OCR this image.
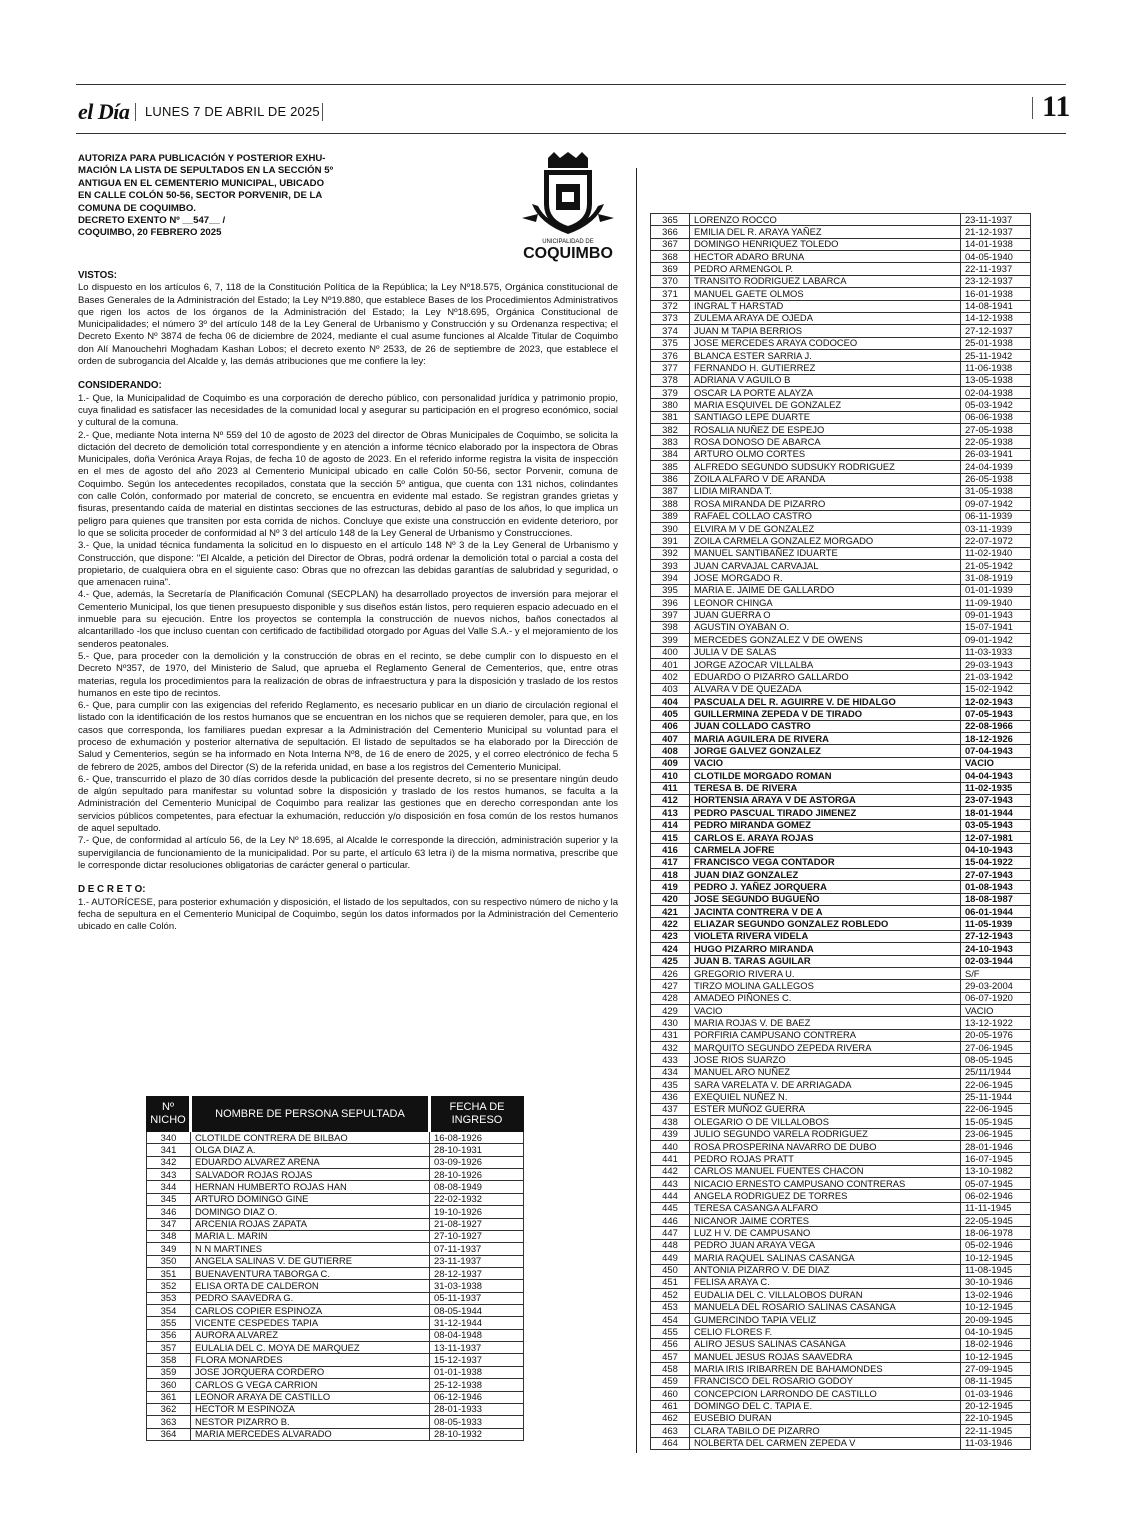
el Día LUNES 7 DE ABRIL DE 2025	11
AUTORIZA PARA PUBLICACIÓN Y POSTERIOR EXHU-
MACIÓN LA LISTA DE SEPULTADOS EN LA SECCIÓN 5º
ANTIGUA EN EL CEMENTERIO MUNICIPAL, UBICADO
EN CALLE COLÓN 50-56, SECTOR PORVENIR, DE LA
COMUNA DE COQUIMBO.
DECRETO EXENTO Nº __547__ /
COQUIMBO, 20 FEBRERO 2025
UNICIPALIDAD DE
COQUIMBO
VISTOS:

Lo dispuesto en los artículos 6, 7, 118 de la Constitución Política de la República; la Ley Nº18.575, Orgánica constitucional de Bases Generales de la Administración del Estado; la Ley Nº19.880, que establece Bases de los Procedimientos Administrativos que rigen los actos de los órganos de la Administración del Estado; la Ley Nº18.695, Orgánica Constitucional de Municipalidades; el número 3º del artículo 148 de la Ley General de Urbanismo y Construcción y su Ordenanza respectiva; el Decreto Exento Nº 3874 de fecha 06 de diciembre de 2024, mediante el cual asume funciones al Alcalde Titular de Coquimbo don Alí Manouchehri Moghadam Kashan Lobos; el decreto exento Nº 2533, de 26 de septiembre de 2023, que establece el orden de subrogancia del Alcalde y, las demás atribuciones que me confiere la ley:

CONSIDERANDO:

1.- Que, la Municipalidad de Coquimbo es una corporación de derecho público, con personalidad jurídica y patrimonio propio, cuya finalidad es satisfacer las necesidades de la comunidad local y asegurar su participación en el progreso económico, social y cultural de la comuna.

2.- Que, mediante Nota interna Nº 559 del 10 de agosto de 2023 del director de Obras Municipales de Coquimbo, se solicita la dictación del decreto de demolición total correspondiente y en atención a informe técnico elaborado por la inspectora de Obras Municipales, doña Verónica Araya Rojas, de fecha 10 de agosto de 2023. En el referido informe registra la visita de inspección en el mes de agosto del año 2023 al Cementerio Municipal ubicado en calle Colón 50-56, sector Porvenir, comuna de Coquimbo. Según los antecedentes recopilados, constata que la sección 5º antigua, que cuenta con 131 nichos, colindantes con calle Colón, conformado por material de concreto, se encuentra en evidente mal estado. Se registran grandes grietas y fisuras, presentando caída de material en distintas secciones de las estructuras, debido al paso de los años, lo que implica un peligro para quienes que transiten por esta corrida de nichos. Concluye que existe una construcción en evidente deterioro, por lo que se solicita proceder de conformidad al Nº 3 del artículo 148 de la Ley General de Urbanismo y Construcciones.

3.- Que, la unidad técnica fundamenta la solicitud en lo dispuesto en el artículo 148 Nº 3 de la Ley General de Urbanismo y Construcción, que dispone: "El Alcalde, a petición del Director de Obras, podrá ordenar la demolición total o parcial a costa del propietario, de cualquiera obra en el siguiente caso: Obras que no ofrezcan las debidas garantías de salubridad y seguridad, o que amenacen ruina".

4.- Que, además, la Secretaría de Planificación Comunal (SECPLAN) ha desarrollado proyectos de inversión para mejorar el Cementerio Municipal, los que tienen presupuesto disponible y sus diseños están listos, pero requieren espacio adecuado en el inmueble para su ejecución. Entre los proyectos se contempla la construcción de nuevos nichos, baños conectados al alcantarillado -los que incluso cuentan con certificado de factibilidad otorgado por Aguas del Valle S.A.- y el mejoramiento de los senderos peatonales.

5.- Que, para proceder con la demolición y la construcción de obras en el recinto, se debe cumplir con lo dispuesto en el Decreto Nº357, de 1970, del Ministerio de Salud, que aprueba el Reglamento General de Cementerios, que, entre otras materias, regula los procedimientos para la realización de obras de infraestructura y para la disposición y traslado de los restos humanos en este tipo de recintos.

6.- Que, para cumplir con las exigencias del referido Reglamento, es necesario publicar en un diario de circulación regional el listado con la identificación de los restos humanos que se encuentran en los nichos que se requieren demoler, para que, en los casos que corresponda, los familiares puedan expresar a la Administración del Cementerio Municipal su voluntad para el proceso de exhumación y posterior alternativa de sepultación. El listado de sepultados se ha elaborado por la Dirección de Salud y Cementerios, según se ha informado en Nota Interna Nº8, de 16 de enero de 2025, y el correo electrónico de fecha 5 de febrero de 2025, ambos del Director (S) de la referida unidad, en base a los registros del Cementerio Municipal.

6.- Que, transcurrido el plazo de 30 días corridos desde la publicación del presente decreto, si no se presentare ningún deudo de algún sepultado para manifestar su voluntad sobre la disposición y traslado de los restos humanos, se faculta a la Administración del Cementerio Municipal de Coquimbo para realizar las gestiones que en derecho correspondan ante los servicios públicos competentes, para efectuar la exhumación, reducción y/o disposición en fosa común de los restos humanos de aquel sepultado.

7.- Que, de conformidad al artículo 56, de la Ley Nº 18.695, al Alcalde le corresponde la dirección, administración superior y la supervigilancia de funcionamiento de la municipalidad. Por su parte, el artículo 63 letra i) de la misma normativa, prescribe que le corresponde dictar resoluciones obligatorias de carácter general o particular.

D E C R E T O:

1.- AUTORÍCESE, para posterior exhumación y disposición, el listado de los sepultados, con su respectivo número de nicho y la fecha de sepultura en el Cementerio Municipal de Coquimbo, según los datos informados por la Administración del Cementerio ubicado en calle Colón.

Nº NICHO	NOMBRE DE PERSONA SEPULTADA	FECHA DE INGRESO
340	CLOTILDE CONTRERA DE BILBAO	16-08-1926
341	OLGA DIAZ A.	28-10-1931
342	EDUARDO ALVAREZ ARENA	03-09-1926
343	SALVADOR ROJAS ROJAS	28-10-1926
344	HERNAN HUMBERTO ROJAS HAN	08-08-1949
345	ARTURO DOMINGO GINE	22-02-1932
346	DOMINGO DIAZ O.	19-10-1926
347	ARCENIA ROJAS ZAPATA	21-08-1927
348	MARIA L. MARIN	27-10-1927
349	N N MARTINES	07-11-1937
350	ANGELA SALINAS V. DE GUTIERRE	23-11-1937
351	BUENAVENTURA TABORGA C.	28-12-1937
352	ELISA ORTA DE CALDERON	31-03-1938
353	PEDRO SAAVEDRA G.	05-11-1937
354	CARLOS COPIER ESPINOZA	08-05-1944
355	VICENTE CESPEDES TAPIA	31-12-1944
356	AURORA ALVAREZ	08-04-1948
357	EULALIA DEL C. MOYA DE MARQUEZ	13-11-1937
358	FLORA MONARDES	15-12-1937
359	JOSE JORQUERA CORDERO	01-01-1938
360	CARLOS G VEGA CARRION	25-12-1938
361	LEONOR ARAYA DE CASTILLO	06-12-1946
362	HECTOR M ESPINOZA	28-01-1933
363	NESTOR PIZARRO B.	08-05-1933
364	MARIA MERCEDES ALVARADO	28-10-1932
365	LORENZO ROCCO	23-11-1937
366	EMILIA DEL R. ARAYA YAÑEZ	21-12-1937
367	DOMINGO HENRIQUEZ TOLEDO	14-01-1938
368	HECTOR ADARO BRUNA	04-05-1940
369	PEDRO ARMENGOL P.	22-11-1937
370	TRANSITO RODRIGUEZ LABARCA	23-12-1937
371	MANUEL GAETE OLMOS	16-01-1938
372	INGRAL T HARSTAD	14-08-1941
373	ZULEMA ARAYA DE OJEDA	14-12-1938
374	JUAN M TAPIA BERRIOS	27-12-1937
375	JOSE MERCEDES ARAYA CODOCEO	25-01-1938
376	BLANCA ESTER SARRIA J.	25-11-1942
377	FERNANDO H. GUTIERREZ	11-06-1938
378	ADRIANA V AGUILO B	13-05-1938
379	OSCAR LA PORTE ALAYZA	02-04-1938
380	MARIA ESQUIVEL DE GONZALEZ	05-03-1942
381	SANTIAGO LEPE DUARTE	06-06-1938
382	ROSALIA NUÑEZ DE ESPEJO	27-05-1938
383	ROSA DONOSO DE ABARCA	22-05-1938
384	ARTURO OLMO CORTES	26-03-1941
385	ALFREDO SEGUNDO SUDSUKY RODRIGUEZ	24-04-1939
386	ZOILA ALFARO V DE ARANDA	26-05-1938
387	LIDIA MIRANDA T.	31-05-1938
388	ROSA MIRANDA DE PIZARRO	09-07-1942
389	RAFAEL COLLAO CASTRO	06-11-1939
390	ELVIRA M V DE GONZALEZ	03-11-1939
391	ZOILA CARMELA GONZALEZ MORGADO	22-07-1972
392	MANUEL SANTIBAÑEZ IDUARTE	11-02-1940
393	JUAN CARVAJAL CARVAJAL	21-05-1942
394	JOSE MORGADO R.	31-08-1919
395	MARIA E. JAIME DE GALLARDO	01-01-1939
396	LEONOR CHINGA	11-09-1940
397	JUAN GUERRA O	09-01-1943
398	AGUSTIN OYABAN O.	15-07-1941
399	MERCEDES GONZALEZ V DE OWENS	09-01-1942
400	JULIA V DE SALAS	11-03-1933
401	JORGE AZOCAR VILLALBA	29-03-1943
402	EDUARDO O PIZARRO GALLARDO	21-03-1942
403	ALVARA V DE QUEZADA	15-02-1942
404	PASCUALA DEL R. AGUIRRE V. DE HIDALGO	12-02-1943
405	GUILLERMINA ZEPEDA V DE TIRADO	07-05-1943
406	JUAN COLLADO CASTRO	22-08-1966
407	MARIA AGUILERA DE RIVERA	18-12-1926
408	JORGE GALVEZ GONZALEZ	07-04-1943
409	VACIO	VACIO
410	CLOTILDE MORGADO ROMAN	04-04-1943
411	TERESA B. DE RIVERA	11-02-1935
412	HORTENSIA ARAYA V DE ASTORGA	23-07-1943
413	PEDRO PASCUAL TIRADO JIMENEZ	18-01-1944
414	PEDRO MIRANDA GOMEZ	03-05-1943
415	CARLOS E. ARAYA ROJAS	12-07-1981
416	CARMELA JOFRE	04-10-1943
417	FRANCISCO VEGA CONTADOR	15-04-1922
418	JUAN DIAZ GONZALEZ	27-07-1943
419	PEDRO J. YAÑEZ JORQUERA	01-08-1943
420	JOSE SEGUNDO BUGUEÑO	18-08-1987
421	JACINTA CONTRERA V DE A	06-01-1944
422	ELIAZAR SEGUNDO GONZALEZ ROBLEDO	11-05-1939
423	VIOLETA RIVERA VIDELA	27-12-1943
424	HUGO PIZARRO MIRANDA	24-10-1943
425	JUAN B. TARAS AGUILAR	02-03-1944
426	GREGORIO RIVERA U.	S/F
427	TIRZO MOLINA GALLEGOS	29-03-2004
428	AMADEO PIÑONES C.	06-07-1920
429	VACIO	VACIO
430	MARIA ROJAS V. DE BAEZ	13-12-1922
431	PORFIRIA CAMPUSANO CONTRERA	20-05-1976
432	MARQUITO SEGUNDO ZEPEDA RIVERA	27-06-1945
433	JOSE RIOS SUARZO	08-05-1945
434	MANUEL ARO NUÑEZ	25/11/1944
435	SARA VARELATA V. DE ARRIAGADA	22-06-1945
436	EXEQUIEL NUÑEZ N.	25-11-1944
437	ESTER MUÑOZ GUERRA	22-06-1945
438	OLEGARIO O DE VILLALOBOS	15-05-1945
439	JULIO SEGUNDO VARELA RODRIGUEZ	23-06-1945
440	ROSA PROSPERINA NAVARRO DE DUBO	28-01-1946
441	PEDRO ROJAS PRATT	16-07-1945
442	CARLOS MANUEL FUENTES CHACON	13-10-1982
443	NICACIO ERNESTO CAMPUSANO CONTRERAS	05-07-1945
444	ANGELA RODRIGUEZ DE TORRES	06-02-1946
445	TERESA CASANGA ALFARO	11-11-1945
446	NICANOR JAIME CORTES	22-05-1945
447	LUZ H V. DE CAMPUSANO	18-06-1978
448	PEDRO JUAN ARAYA VEGA	05-02-1946
449	MARIA RAQUEL SALINAS CASANGA	10-12-1945
450	ANTONIA PIZARRO V. DE DIAZ	11-08-1945
451	FELISA ARAYA C.	30-10-1946
452	EUDALIA DEL C. VILLALOBOS DURAN	13-02-1946
453	MANUELA DEL ROSARIO SALINAS CASANGA	10-12-1945
454	GUMERCINDO TAPIA VELIZ	20-09-1945
455	CELIO FLORES F.	04-10-1945
456	ALIRO JESUS SALINAS CASANGA	18-02-1946
457	MANUEL JESUS ROJAS SAAVEDRA	10-12-1945
458	MARIA IRIS IRIBARREN DE BAHAMONDES	27-09-1945
459	FRANCISCO DEL ROSARIO GODOY	08-11-1945
460	CONCEPCION LARRONDO DE CASTILLO	01-03-1946
461	DOMINGO DEL C. TAPIA E.	20-12-1945
462	EUSEBIO DURAN	22-10-1945
463	CLARA TABILO DE PIZARRO	22-11-1945
464	NOLBERTA DEL CARMEN ZEPEDA V	11-03-1946
